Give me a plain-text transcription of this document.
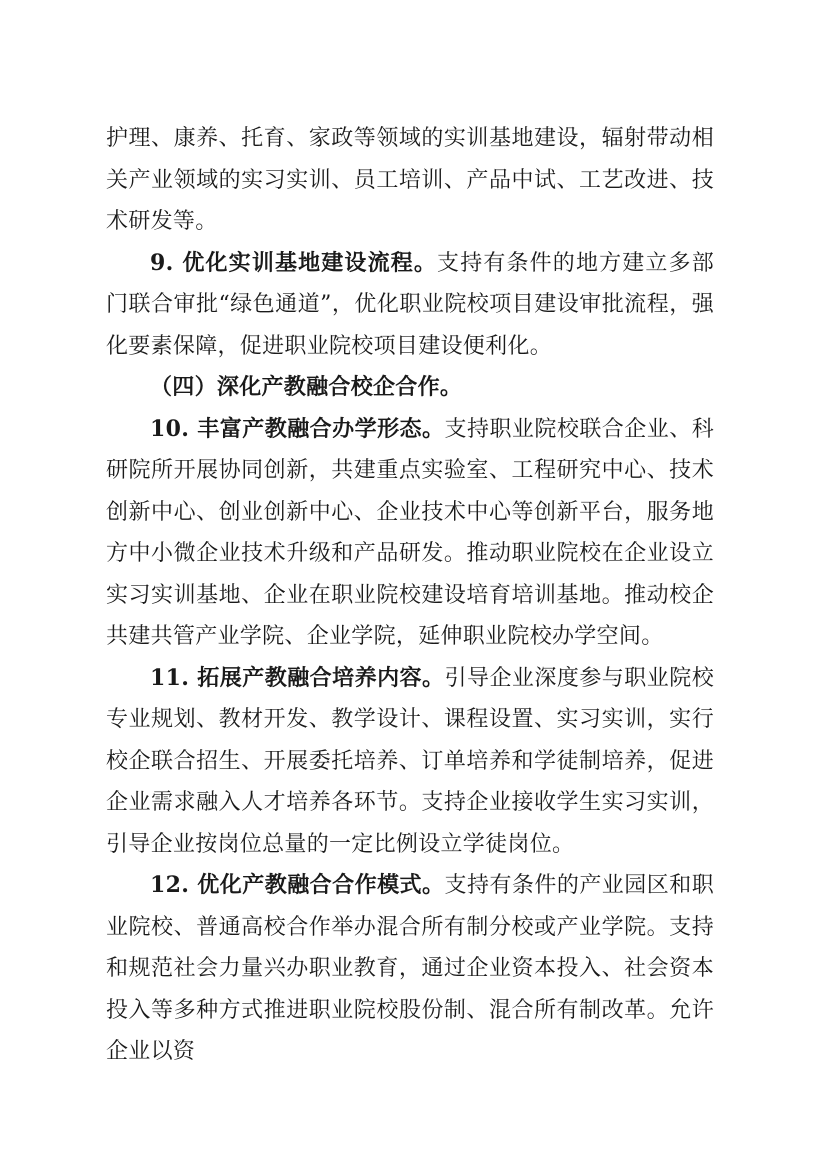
护理、康养、托育、家政等领域的实训基地建设，辐射带动相关产业领域的实习实训、员工培训、产品中试、工艺改进、技术研发等。

9. 优化实训基地建设流程。支持有条件的地方建立多部门联合审批“绿色通道”，优化职业院校项目建设审批流程，强化要素保障，促进职业院校项目建设便利化。

（四）深化产教融合校企合作。

10. 丰富产教融合办学形态。支持职业院校联合企业、科研院所开展协同创新，共建重点实验室、工程研究中心、技术创新中心、创业创新中心、企业技术中心等创新平台，服务地方中小微企业技术升级和产品研发。推动职业院校在企业设立实习实训基地、企业在职业院校建设培育培训基地。推动校企共建共管产业学院、企业学院，延伸职业院校办学空间。

11. 拓展产教融合培养内容。引导企业深度参与职业院校专业规划、教材开发、教学设计、课程设置、实习实训，实行校企联合招生、开展委托培养、订单培养和学徒制培养，促进企业需求融入人才培养各环节。支持企业接收学生实习实训，引导企业按岗位总量的一定比例设立学徒岗位。

12. 优化产教融合合作模式。支持有条件的产业园区和职业院校、普通高校合作举办混合所有制分校或产业学院。支持和规范社会力量兴办职业教育，通过企业资本投入、社会资本投入等多种方式推进职业院校股份制、混合所有制改革。允许企业以资
